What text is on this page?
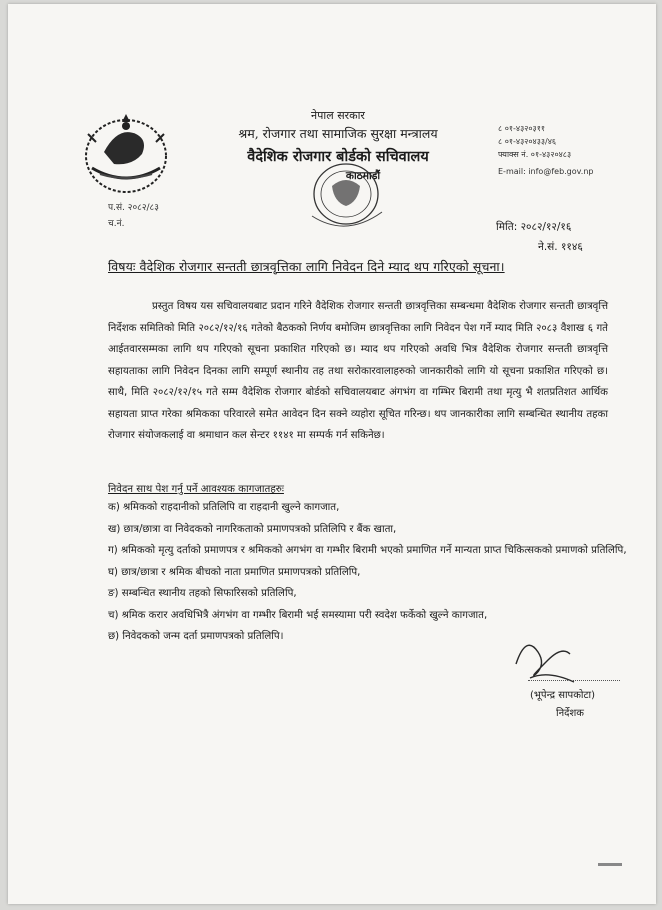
नेपाल सरकार
श्रम, रोजगार तथा सामाजिक सुरक्षा मन्त्रालय
वैदेशिक रोजगार बोर्डको सचिवालय
काठमाडौं
८ ०१-४३२०३११
८ ०१-४३२०४३३/४६
फ्याक्स नं. ०१-४३२०४८३
E-mail: info@feb.gov.np
प.सं. २०८२/८३
च.नं.	मिति: २०८२/१२/१६
ने.सं. ११४६
विषयः वैदेशिक रोजगार सन्तती छात्रवृत्तिका लागि निवेदन दिने म्याद थप गरिएको सूचना।
प्रस्तुत विषय यस सचिवालयबाट प्रदान गरिने वैदेशिक रोजगार सन्तती छात्रवृत्तिका सम्बन्धमा वैदेशिक रोजगार सन्तती छात्रवृत्ति निर्देशक समितिको मिति २०८२/१२/१६ गतेको बैठकको निर्णय बमोजिम छात्रवृत्तिका लागि निवेदन पेश गर्ने म्याद मिति २०८३ वैशाख ६ गते आईतवारसम्मका लागि थप गरिएको सूचना प्रकाशित गरिएको छ। म्याद थप गरिएको अवधि भित्र वैदेशिक रोजगार सन्तती छात्रवृत्ति सहायताका लागि निवेदन दिनका लागि सम्पूर्ण स्थानीय तह तथा सरोकारवालाहरुको जानकारीको लागि यो सूचना प्रकाशित गरिएको छ। साथै, मिति २०८२/१२/१५ गते सम्म वैदेशिक रोजगार बोर्डको सचिवालयबाट अंगभंग वा गम्भिर बिरामी तथा मृत्यु भै शतप्रतिशत आर्थिक सहायता प्राप्त गरेका श्रमिकका परिवारले समेत आवेदन दिन सक्ने व्यहोरा सूचित गरिन्छ। थप जानकारीका लागि सम्बन्धित स्थानीय तहका रोजगार संयोजकलाई वा श्रमाधान कल सेन्टर ११४१ मा सम्पर्क गर्न सकिनेछ।
निवेदन साथ पेश गर्नु पर्ने आवश्यक कागजातहरुः
क) श्रमिकको राहदानीको प्रतिलिपि वा राहदानी खुल्ने कागजात,
ख) छात्र/छात्रा वा निवेदकको नागरिकताको प्रमाणपत्रको प्रतिलिपि र बैंक खाता,
ग) श्रमिकको मृत्यु दर्ताको प्रमाणपत्र र श्रमिकको अगभंग वा गम्भीर बिरामी भएको प्रमाणित गर्ने मान्यता प्राप्त चिकित्सकको प्रमाणको प्रतिलिपि,
घ) छात्र/छात्रा र श्रमिक बीचको नाता प्रमाणित प्रमाणपत्रको प्रतिलिपि,
ङ) सम्बन्धित स्थानीय तहको सिफारिसको प्रतिलिपि,
च) श्रमिक करार अवधिभित्रै अंगभंग वा गम्भीर बिरामी भई समस्यामा परी स्वदेश फर्केको खुल्ने कागजात,
छ) निवेदकको जन्म दर्ता प्रमाणपत्रको प्रतिलिपि।
(भूपेन्द्र सापकोटा)
निर्देशक
